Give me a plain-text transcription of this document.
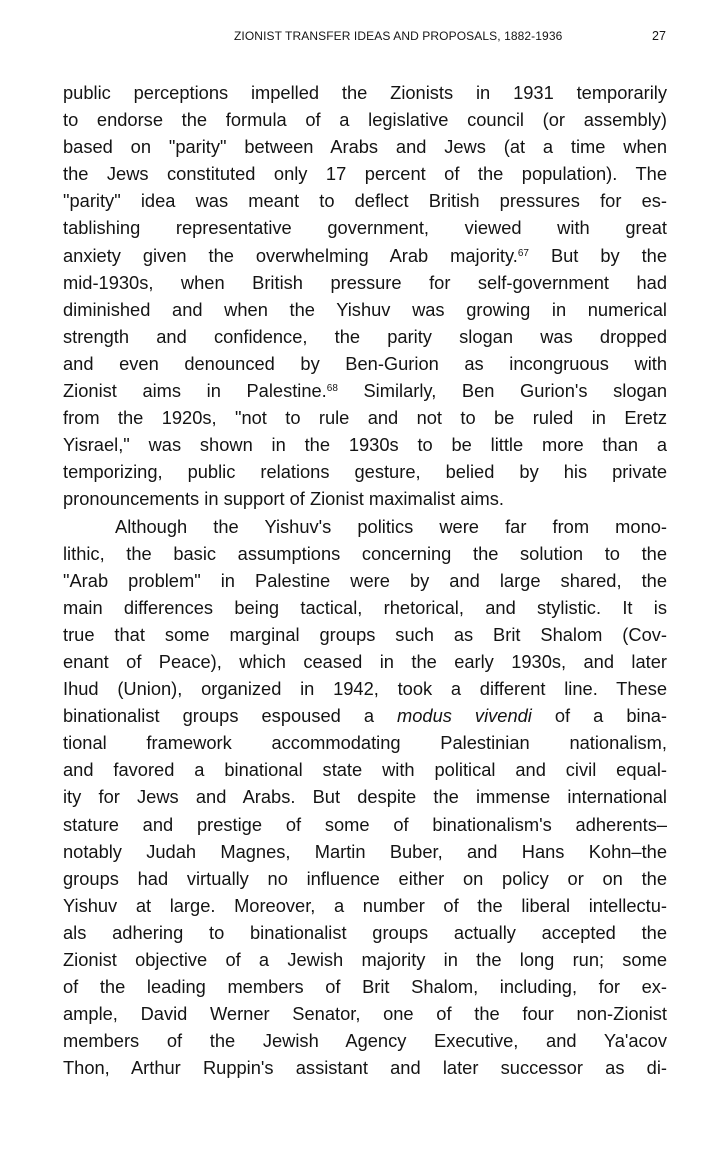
ZIONIST TRANSFER IDEAS AND PROPOSALS, 1882-1936	27
public perceptions impelled the Zionists in 1931 temporarily
to endorse the formula of a legislative council (or assembly)
based on "parity" between Arabs and Jews (at a time when
the Jews constituted only 17 percent of the population). The
"parity" idea was meant to deflect British pressures for es-
tablishing representative government, viewed with great
anxiety given the overwhelming Arab majority.$^{67}$ But by the
mid-1930s, when British pressure for self-government had
diminished and when the Yishuv was growing in numerical
strength and confidence, the parity slogan was dropped
and even denounced by Ben-Gurion as incongruous with
Zionist aims in Palestine.$^{68}$ Similarly, Ben Gurion's slogan
from the 1920s, "not to rule and not to be ruled in Eretz
Yisrael," was shown in the 1930s to be little more than a
temporizing, public relations gesture, belied by his private
pronouncements in support of Zionist maximalist aims.
Although the Yishuv's politics were far from mono-
lithic, the basic assumptions concerning the solution to the
"Arab problem" in Palestine were by and large shared, the
main differences being tactical, rhetorical, and stylistic. It is
true that some marginal groups such as Brit Shalom (Cov-
enant of Peace), which ceased in the early 1930s, and later
Ihud (Union), organized in 1942, took a different line. These
binationalist groups espoused a modus vivendi of a bina-
tional framework accommodating Palestinian nationalism,
and favored a binational state with political and civil equal-
ity for Jews and Arabs. But despite the immense international
stature and prestige of some of binationalism's adherents–
notably Judah Magnes, Martin Buber, and Hans Kohn–the
groups had virtually no influence either on policy or on the
Yishuv at large. Moreover, a number of the liberal intellectu-
als adhering to binationalist groups actually accepted the
Zionist objective of a Jewish majority in the long run; some
of the leading members of Brit Shalom, including, for ex-
ample, David Werner Senator, one of the four non-Zionist
members of the Jewish Agency Executive, and Ya'acov
Thon, Arthur Ruppin's assistant and later successor as di-
